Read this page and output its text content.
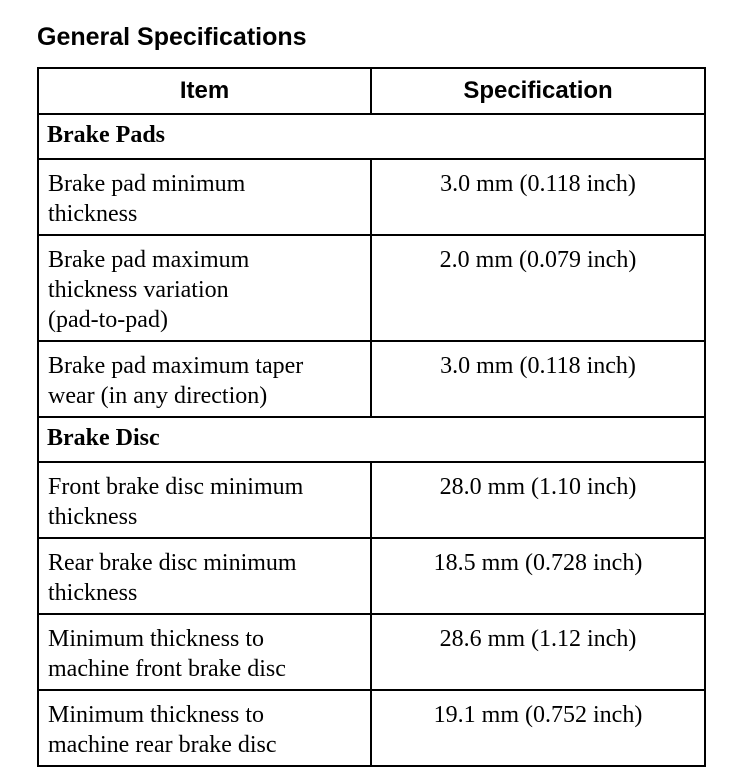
General Specifications
Item	Specification
Brake Pads	
Brake pad minimum
thickness	3.0 mm (0.118 inch)
Brake pad maximum
thickness variation
(pad-to-pad)	2.0 mm (0.079 inch)
Brake pad maximum taper
wear (in any direction)	3.0 mm (0.118 inch)
Brake Disc	
Front brake disc minimum
thickness	28.0 mm (1.10 inch)
Rear brake disc minimum
thickness	18.5 mm (0.728 inch)
Minimum thickness to
machine front brake disc	28.6 mm (1.12 inch)
Minimum thickness to
machine rear brake disc	19.1 mm (0.752 inch)
